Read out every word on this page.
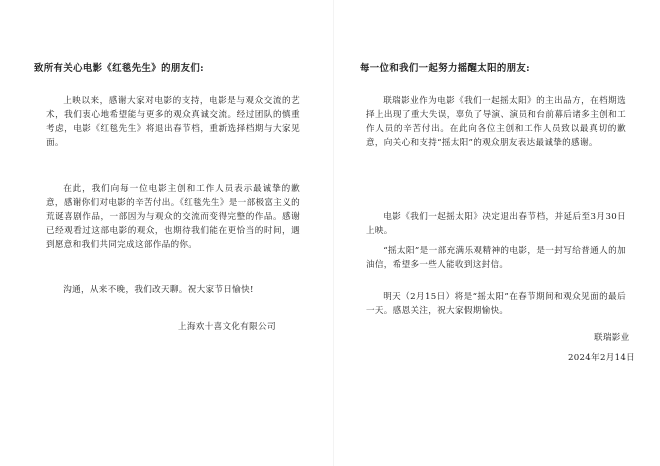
致所有关心电影《红毯先生》的朋友们:

上映以来，感谢大家对电影的支持，电影是与观众交流的艺术，我们衷心地希望能与更多的观众真诚交流。经过团队的慎重考虑，电影《红毯先生》将退出春节档，重新选择档期与大家见面。

在此，我们向每一位电影主创和工作人员表示最诚挚的歉意，感谢你们对电影的辛苦付出。《红毯先生》是一部极富主义的荒诞喜剧作品，一部因为与观众的交流而变得完整的作品。感谢已经观看过这部电影的观众，也期待我们能在更恰当的时间，遇到愿意和我们共同完成这部作品的你。

沟通，从来不晚，我们改天聊。祝大家节日愉快!

上海欢十喜文化有限公司
每一位和我们一起努力摇醒太阳的朋友:

联瑞影业作为电影《我们一起摇太阳》的主出品方，在档期选择上出现了重大失误，辜负了导演、演员和台前幕后诸多主创和工作人员的辛苦付出。在此向各位主创和工作人员致以最真切的歉意，向关心和支持“摇太阳”的观众朋友表达最诚挚的感谢。

电影《我们一起摇太阳》决定退出春节档，并延后至3月30日上映。

“摇太阳”是一部充满乐观精神的电影，是一封写给普通人的加油信，希望多一些人能收到这封信。

明天（2月15日）将是“摇太阳”在春节期间和观众见面的最后一天。感恩关注，祝大家假期愉快。

联瑞影业
2024年2月14日
